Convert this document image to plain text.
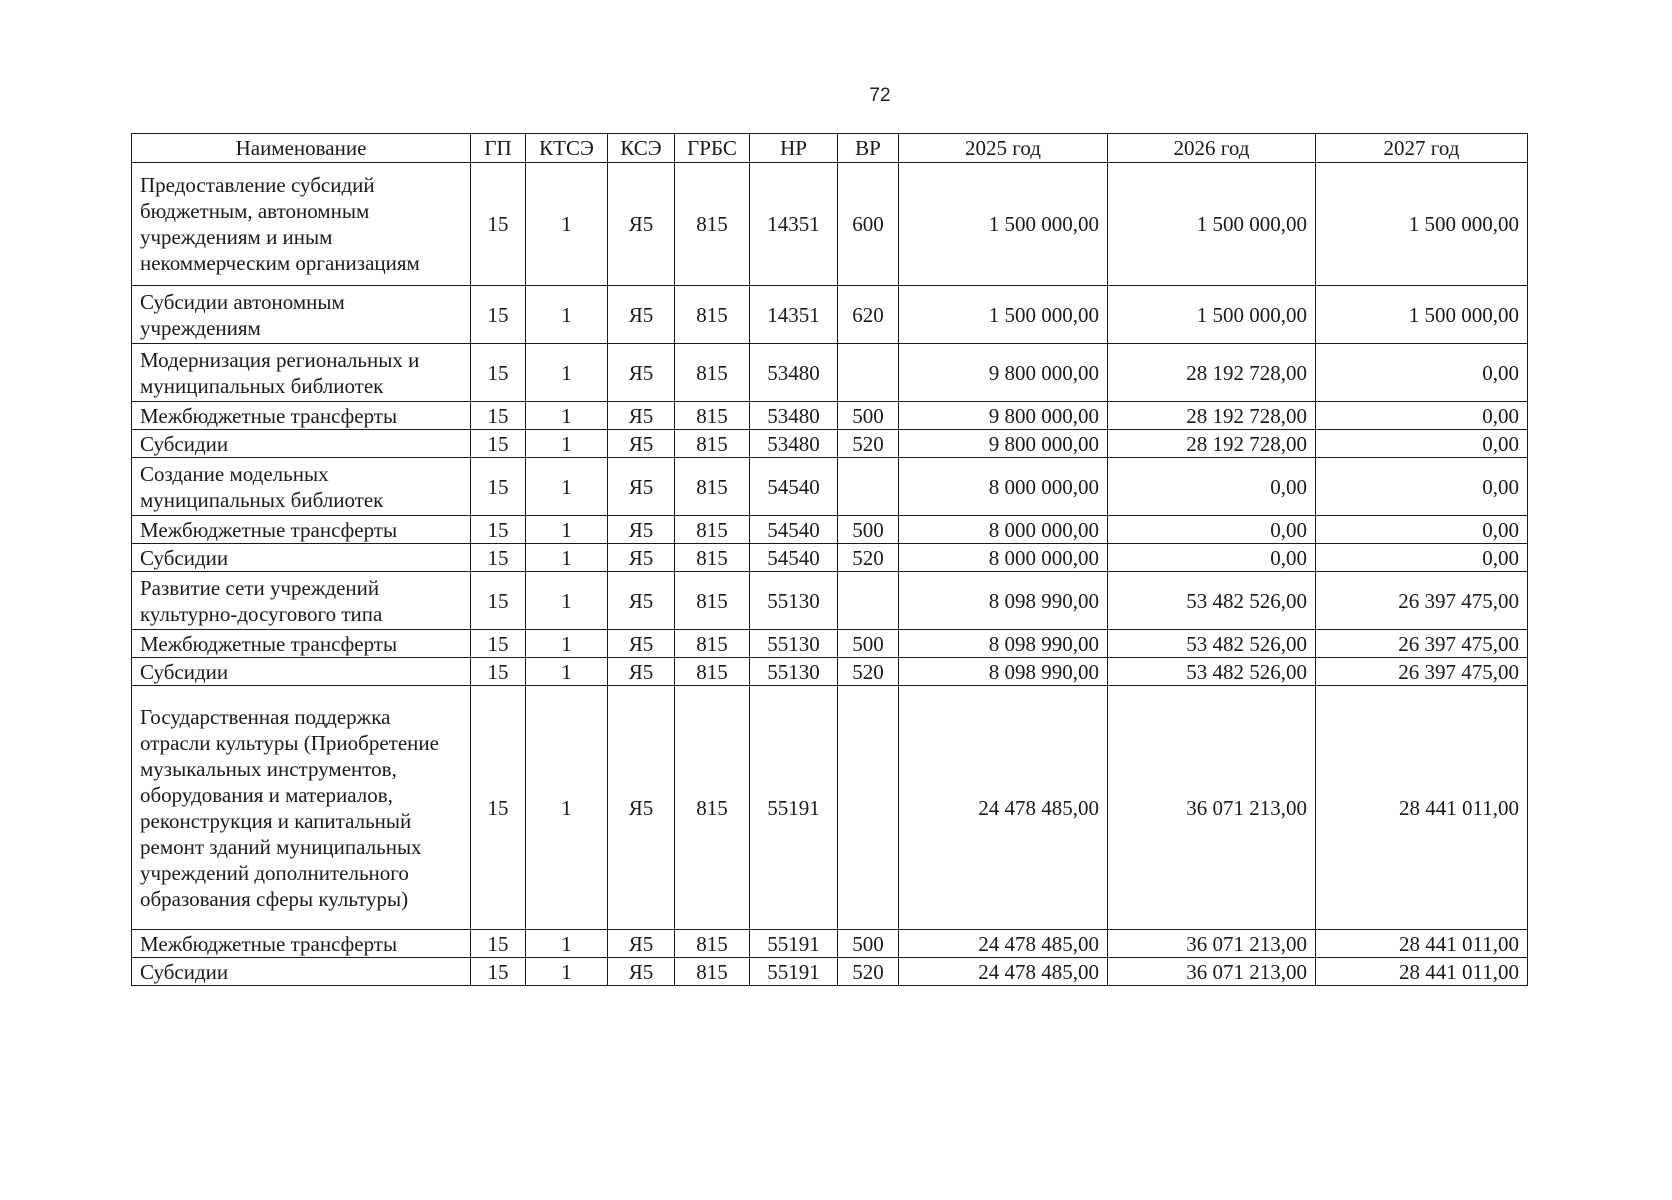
72
Наименование	ГП	КТСЭ	КСЭ	ГРБС	НР	ВР	2025 год	2026 год	2027 год
Предоставление субсидий бюджетным, автономным учреждениям и иным некоммерческим организациям	15	1	Я5	815	14351	600	1 500 000,00	1 500 000,00	1 500 000,00
Субсидии автономным учреждениям	15	1	Я5	815	14351	620	1 500 000,00	1 500 000,00	1 500 000,00
Модернизация региональных и муниципальных библиотек	15	1	Я5	815	53480		9 800 000,00	28 192 728,00	0,00
Межбюджетные трансферты	15	1	Я5	815	53480	500	9 800 000,00	28 192 728,00	0,00
Субсидии	15	1	Я5	815	53480	520	9 800 000,00	28 192 728,00	0,00
Создание модельных муниципальных библиотек	15	1	Я5	815	54540		8 000 000,00	0,00	0,00
Межбюджетные трансферты	15	1	Я5	815	54540	500	8 000 000,00	0,00	0,00
Субсидии	15	1	Я5	815	54540	520	8 000 000,00	0,00	0,00
Развитие сети учреждений культурно-досугового типа	15	1	Я5	815	55130		8 098 990,00	53 482 526,00	26 397 475,00
Межбюджетные трансферты	15	1	Я5	815	55130	500	8 098 990,00	53 482 526,00	26 397 475,00
Субсидии	15	1	Я5	815	55130	520	8 098 990,00	53 482 526,00	26 397 475,00
Государственная поддержка отрасли культуры (Приобретение музыкальных инструментов, оборудования и материалов, реконструкция и капитальный ремонт зданий муниципальных учреждений дополнительного образования сферы культуры)	15	1	Я5	815	55191		24 478 485,00	36 071 213,00	28 441 011,00
Межбюджетные трансферты	15	1	Я5	815	55191	500	24 478 485,00	36 071 213,00	28 441 011,00
Субсидии	15	1	Я5	815	55191	520	24 478 485,00	36 071 213,00	28 441 011,00
